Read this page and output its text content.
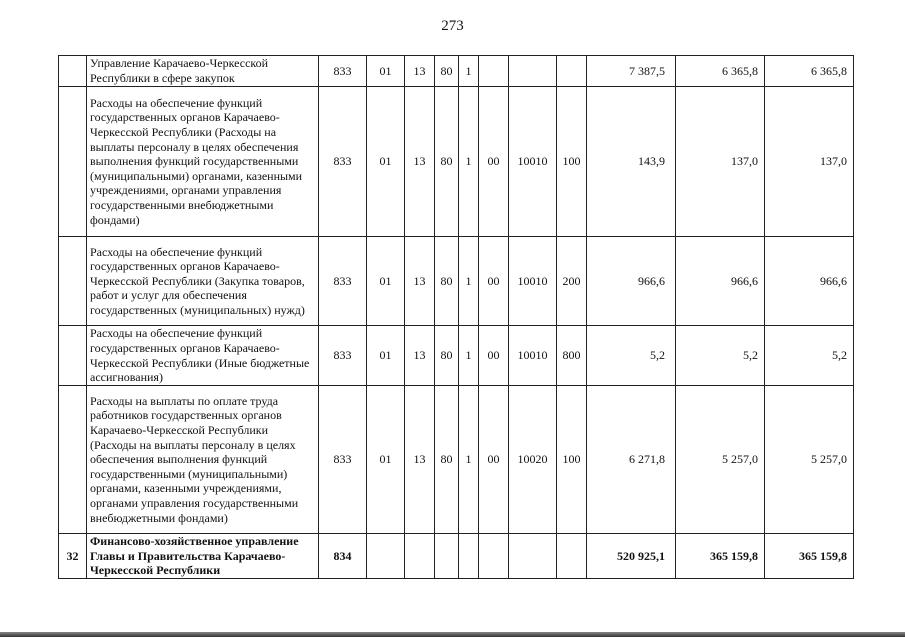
273
	Управление Карачаево-Черкесской Республики в сфере закупок	833	01	13	80	1				7 387,5	6 365,8	6 365,8
	Расходы на обеспечение функций государственных органов Карачаево-Черкесской Республики (Расходы на выплаты персоналу в целях обеспечения выполнения функций государственными (муниципальными) органами, казенными учреждениями, органами управления государственными внебюджетными фондами)	833	01	13	80	1	00	10010	100	143,9	137,0	137,0
	Расходы на обеспечение функций государственных органов Карачаево-Черкесской Республики (Закупка товаров, работ и услуг для обеспечения государственных (муниципальных) нужд)	833	01	13	80	1	00	10010	200	966,6	966,6	966,6
	Расходы на обеспечение функций государственных органов Карачаево-Черкесской Республики (Иные бюджетные ассигнования)	833	01	13	80	1	00	10010	800	5,2	5,2	5,2
	Расходы на выплаты по оплате труда работников государственных органов Карачаево-Черкесской Республики (Расходы на выплаты персоналу в целях обеспечения выполнения функций государственными (муниципальными) органами, казенными учреждениями, органами управления государственными внебюджетными фондами)	833	01	13	80	1	00	10020	100	6 271,8	5 257,0	5 257,0
32	Финансово-хозяйственное управление Главы и Правительства Карачаево-Черкесской Республики	834								520 925,1	365 159,8	365 159,8
